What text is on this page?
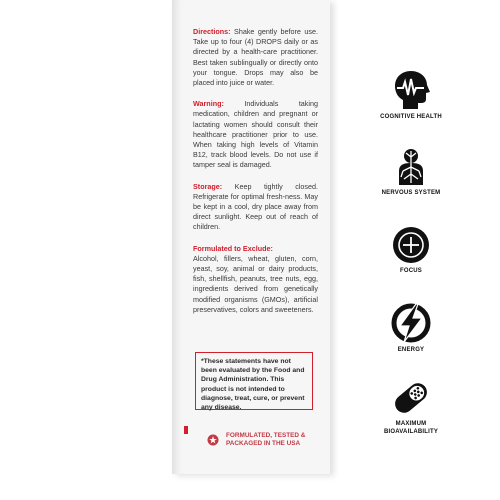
Directions: Shake gently before use. Take up to four (4) DROPS daily or as directed by a health-care practitioner. Best taken sublingually or directly onto your tongue. Drops may also be placed into juice or water.

Warning: Individuals taking medication, children and pregnant or lactating women should consult their healthcare practitioner prior to use. When taking high levels of Vitamin B12, track blood levels. Do not use if tamper seal is damaged.

Storage: Keep tightly closed. Refrigerate for optimal fresh-ness. May be kept in a cool, dry place away from direct sunlight. Keep out of reach of children.

Formulated to Exclude:
Alcohol, fillers, wheat, gluten, corn, yeast, soy, animal or dairy products, fish, shellfish, peanuts, tree nuts, egg, ingredients derived from genetically modified organisms (GMOs), artificial preservatives, colors and sweeteners.

*These statements have not been evaluated by the Food and Drug Administration. This product is not intended to diagnose, treat, cure, or prevent any disease.
FORMULATED, TESTED & PACKAGED IN THE USA
COGNITIVE HEALTH
NERVOUS SYSTEM
FOCUS
ENERGY
MAXIMUM
BIOAVAILABILITY
